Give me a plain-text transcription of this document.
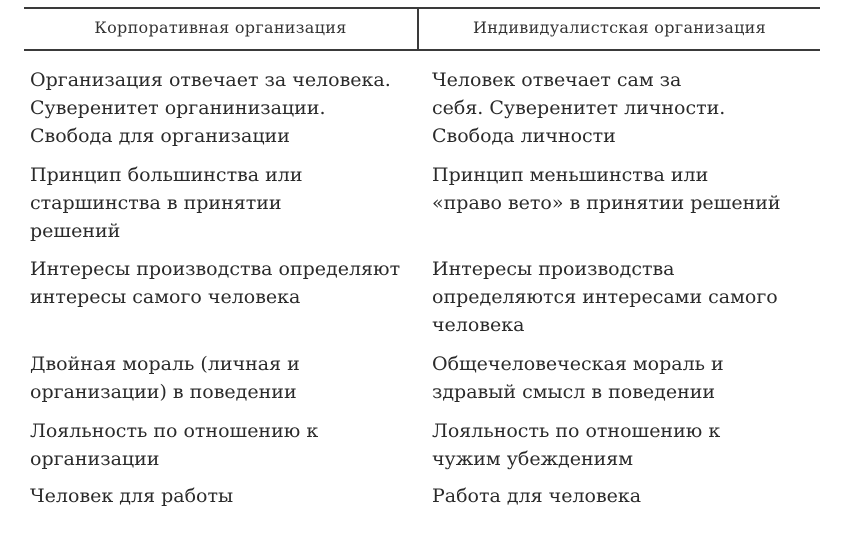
Корпоративная организация	Индивидуалистская организация
Организация отвечает за человека.
Суверенитет органинизации.
Свобода для организации
Человек отвечает сам за
себя. Суверенитет личности.
Свобода личности
Принцип большинства или
старшинства в принятии
решений
Принцип меньшинства или
«право вето» в принятии решений
Интересы производства определяют
интересы самого человека
Интересы производства
определяются интересами самого
человека
Двойная мораль (личная и
организации) в поведении
Общечеловеческая мораль и
здравый смысл в поведении
Лояльность по отношению к
организации
Лояльность по отношению к
чужим убеждениям
Человек для работы	Работа для человека
